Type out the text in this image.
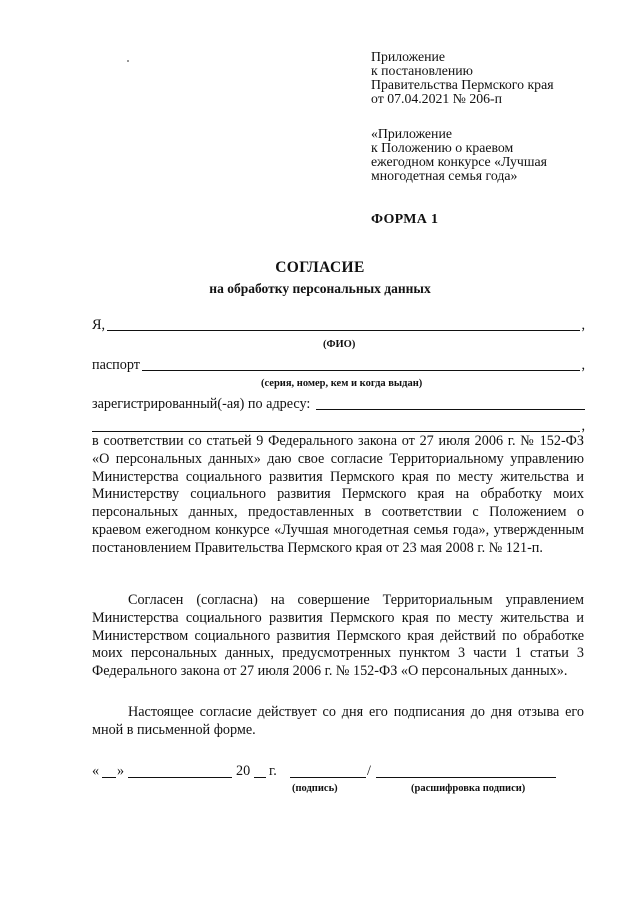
Приложение
к постановлению
Правительства Пермского края
от 07.04.2021 № 206-п
«Приложение
к Положению о краевом
ежегодном конкурсе «Лучшая
многодетная семья года»
ФОРМА 1
СОГЛАСИЕ
на обработку персональных данных
Я,	,
(ФИО)
паспорт	,
(серия, номер, кем и когда выдан)
зарегистрированный(-ая) по адресу:
,
в соответствии со статьей 9 Федерального закона от 27 июля 2006 г. № 152-ФЗ «О персональных данных» даю свое согласие Территориальному управлению Министерства социального развития Пермского края по месту жительства и Министерству социального развития Пермского края на обработку моих персональных данных, предоставленных в соответствии с Положением о краевом ежегодном конкурсе «Лучшая многодетная семья года», утвержденным постановлением Правительства Пермского края от 23 мая 2008 г. № 121-п.
Согласен (согласна) на совершение Территориальным управлением Министерства социального развития Пермского края по месту жительства и Министерством социального развития Пермского края действий по обработке моих персональных данных, предусмотренных пунктом 3 части 1 статьи 3 Федерального закона от 27 июля 2006 г. № 152-ФЗ «О персональных данных».
Настоящее согласие действует со дня его подписания до дня отзыва его мной в письменной форме.
« »	20 г.	/
(подпись)	(расшифровка подписи)
